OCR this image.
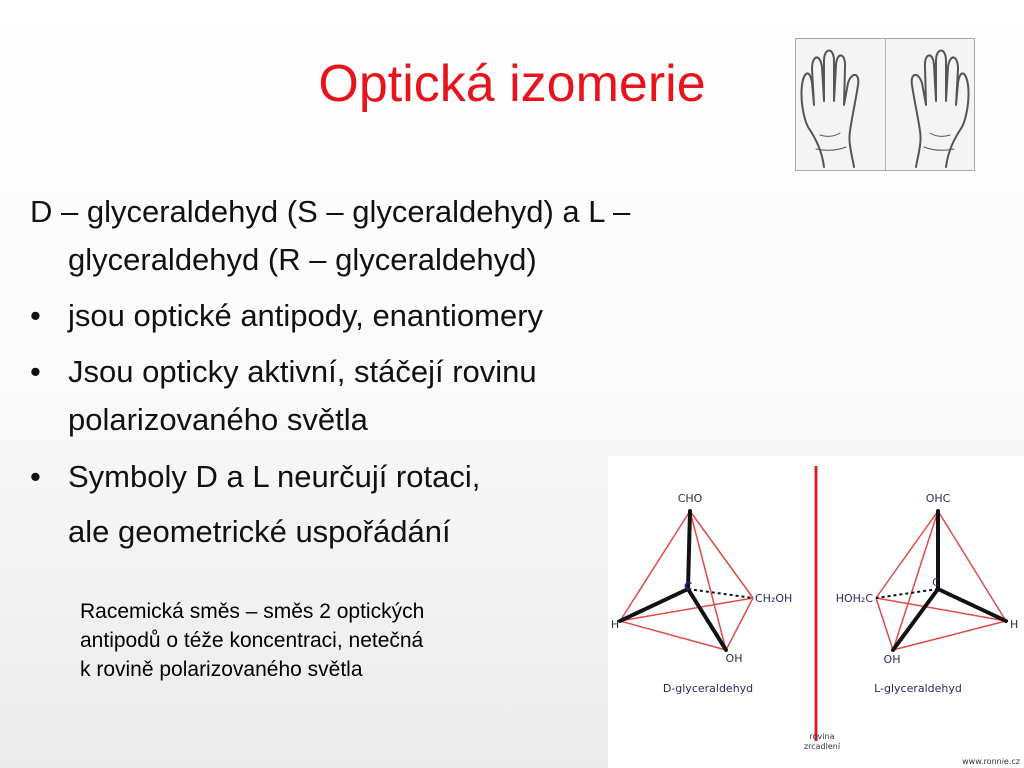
Optická izomerie
D – glyceraldehyd (S – glyceraldehyd) a L –
glyceraldehyd (R – glyceraldehyd)
• jsou optické antipody, enantiomery
• Jsou opticky aktivní, stáčejí rovinu
polarizovaného světla
• Symboly D a L neurčují rotaci,
ale geometrické uspořádání
Racemická směs – směs 2 optických
antipodů o téže koncentraci, netečná
k rovině polarizovaného světla
CHO
C
CH₂OH
H
OH
D-glyceraldehyd
OHC
C
HOH₂C
H
OH
L-glyceraldehyd
rovina
zrcadlení
www.ronnie.cz
